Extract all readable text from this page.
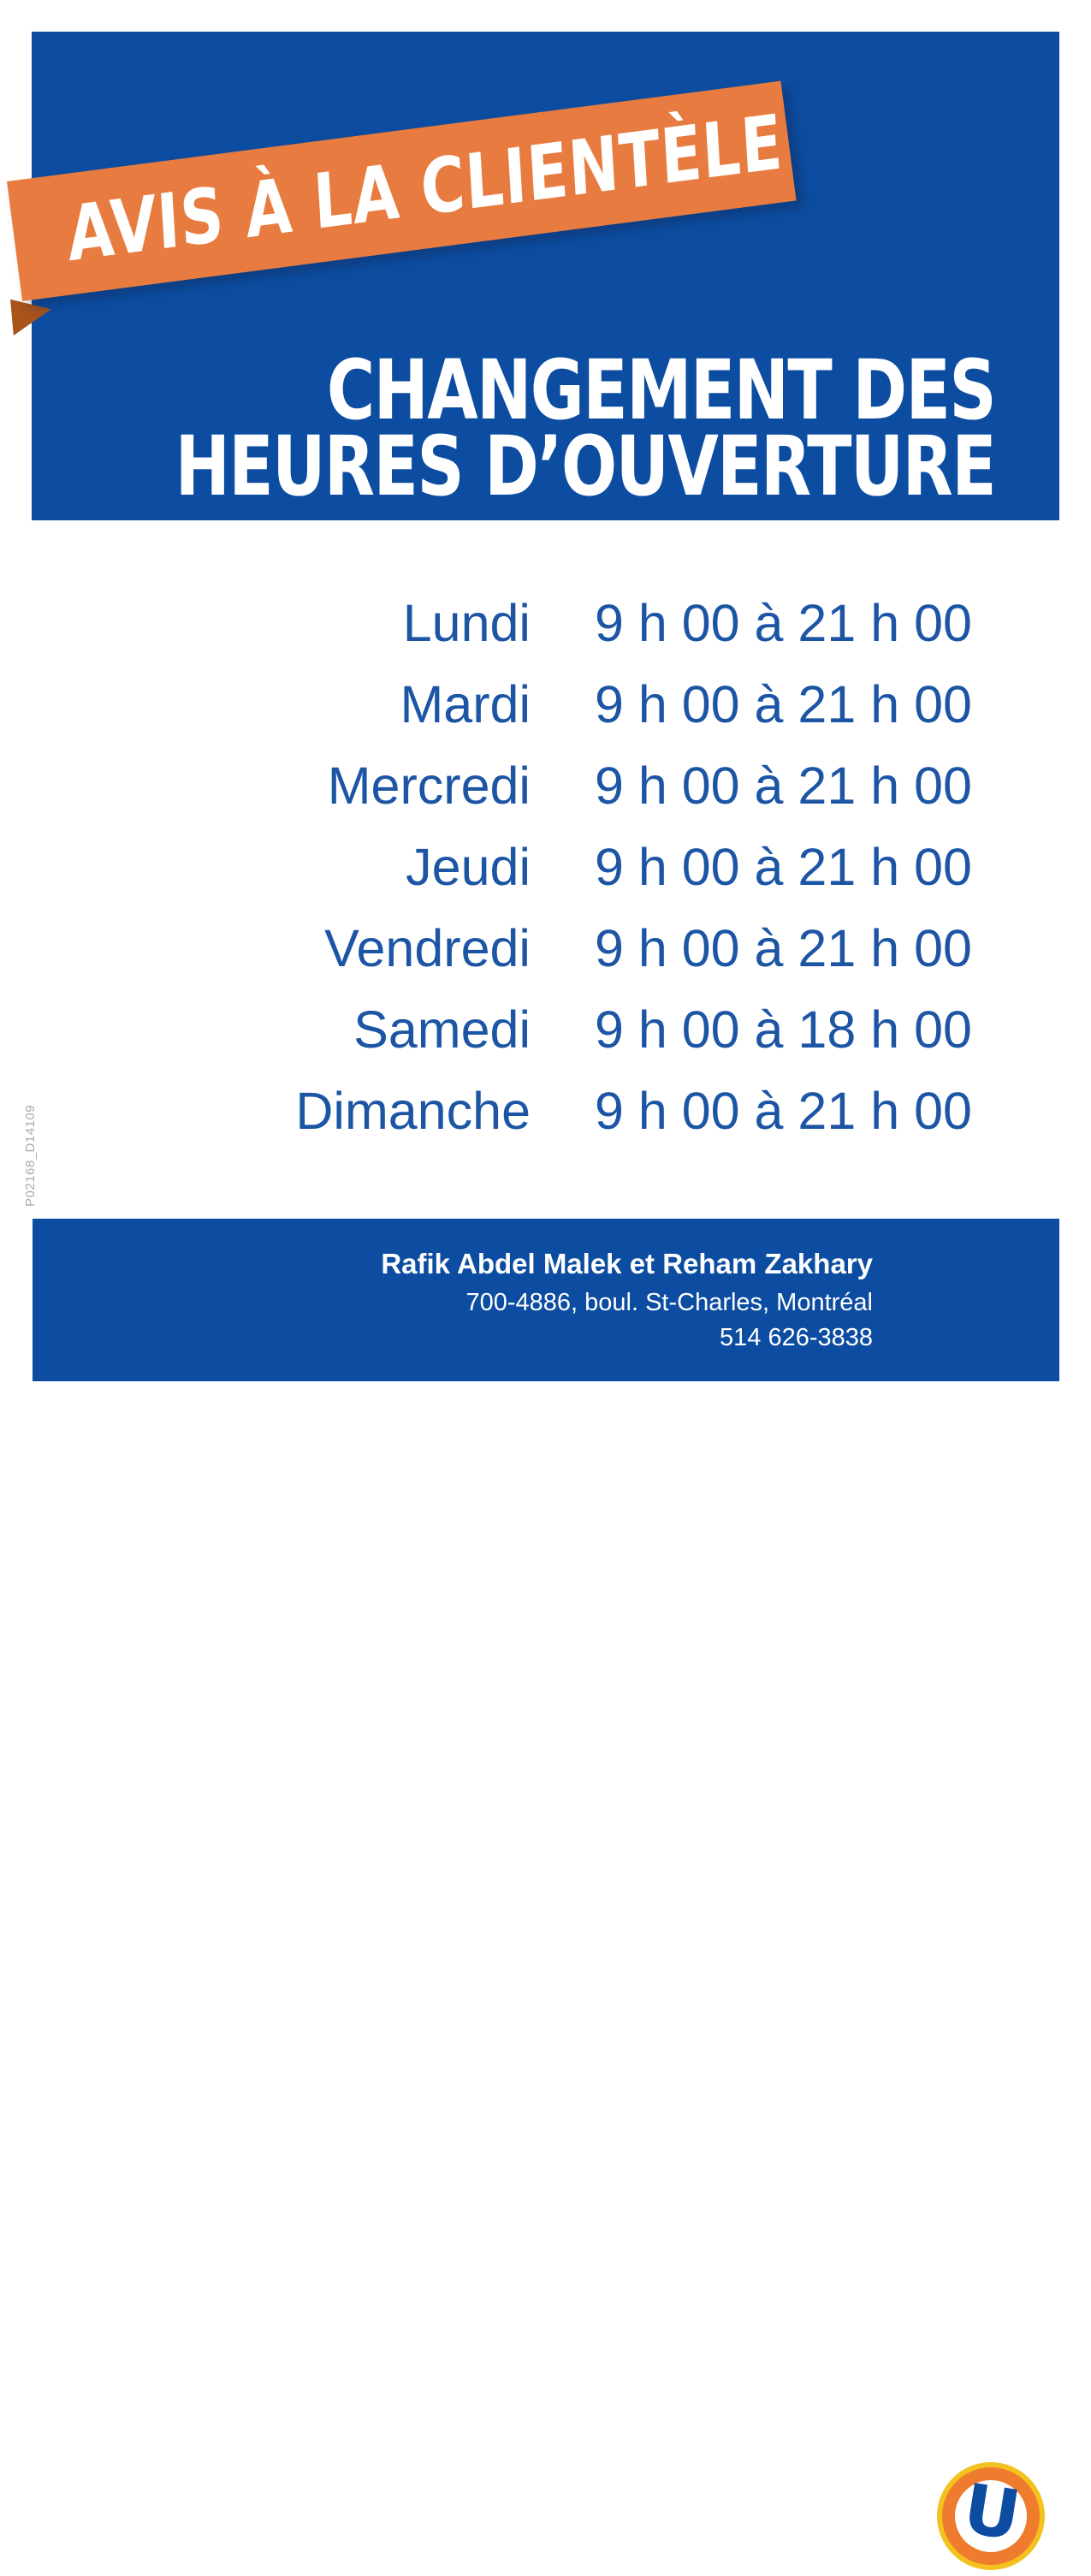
CHANGEMENT DES
HEURES D’OUVERTURE
AVIS À LA CLIENTÈLE
Lundi 9 h 00 à 21 h 00
Mardi 9 h 00 à 21 h 00
Mercredi 9 h 00 à 21 h 00
Jeudi 9 h 00 à 21 h 00
Vendredi 9 h 00 à 21 h 00
Samedi 9 h 00 à 18 h 00
Dimanche 9 h 00 à 21 h 00
P02168_D14109
Rafik Abdel Malek et Reham Zakhary
700-4886, boul. St-Charles, Montréal
514 626-3838
U
